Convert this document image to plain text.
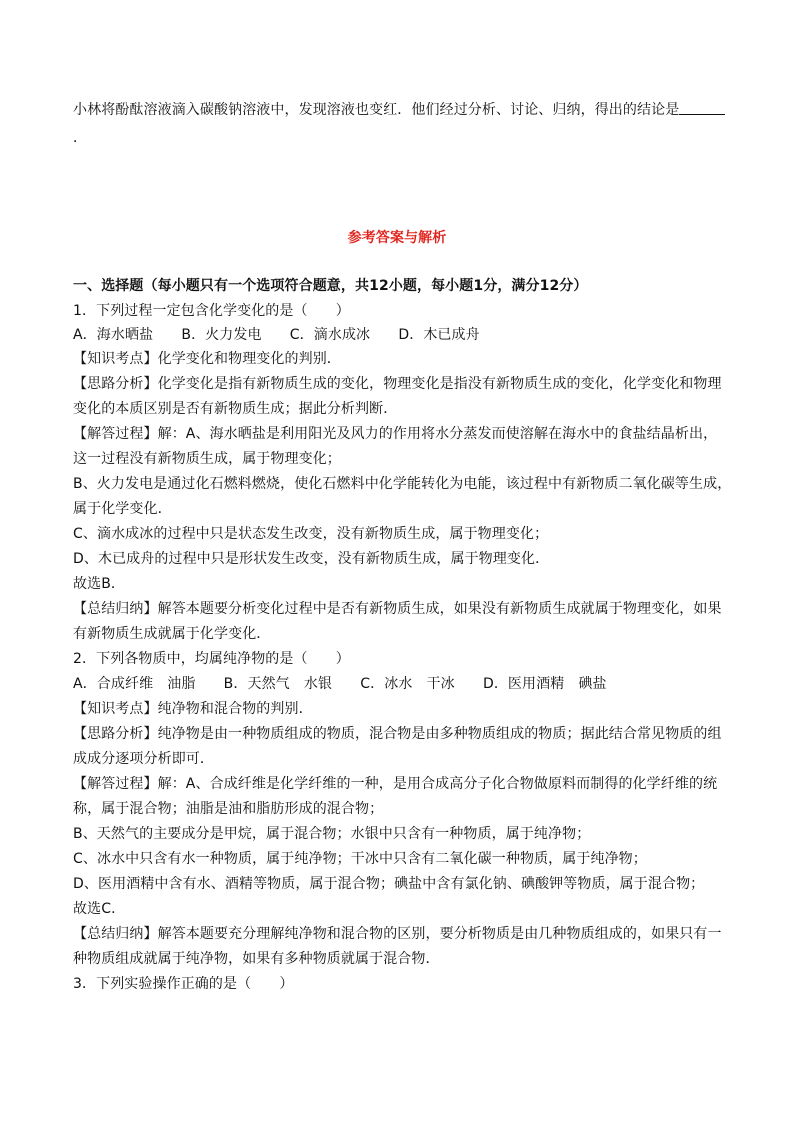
小林将酚酞溶液滴入碳酸钠溶液中，发现溶液也变红．他们经过分析、讨论、归纳，得出的结论是
．
参考答案与解析
一、选择题（每小题只有一个选项符合题意，共12小题，每小题1分，满分12分）
1．下列过程一定包含化学变化的是（　　）
A．海水晒盐　　B．火力发电　　C．滴水成冰　　D．木已成舟
【知识考点】化学变化和物理变化的判别．
【思路分析】化学变化是指有新物质生成的变化，物理变化是指没有新物质生成的变化，化学变化和物理
变化的本质区别是否有新物质生成；据此分析判断．
【解答过程】解：A、海水晒盐是利用阳光及风力的作用将水分蒸发而使溶解在海水中的食盐结晶析出，
这一过程没有新物质生成，属于物理变化；
B、火力发电是通过化石燃料燃烧，使化石燃料中化学能转化为电能，该过程中有新物质二氧化碳等生成，
属于化学变化．
C、滴水成冰的过程中只是状态发生改变，没有新物质生成，属于物理变化；
D、木已成舟的过程中只是形状发生改变，没有新物质生成，属于物理变化．
故选B．
【总结归纳】解答本题要分析变化过程中是否有新物质生成，如果没有新物质生成就属于物理变化，如果
有新物质生成就属于化学变化．
2．下列各物质中，均属纯净物的是（　　）
A．合成纤维　油脂　　B．天然气　水银　　C．冰水　干冰　　D．医用酒精　碘盐
【知识考点】纯净物和混合物的判别．
【思路分析】纯净物是由一种物质组成的物质，混合物是由多种物质组成的物质；据此结合常见物质的组
成成分逐项分析即可．
【解答过程】解：A、合成纤维是化学纤维的一种，是用合成高分子化合物做原料而制得的化学纤维的统
称，属于混合物；油脂是油和脂肪形成的混合物；
B、天然气的主要成分是甲烷，属于混合物；水银中只含有一种物质，属于纯净物；
C、冰水中只含有水一种物质，属于纯净物；干冰中只含有二氧化碳一种物质，属于纯净物；
D、医用酒精中含有水、酒精等物质，属于混合物；碘盐中含有氯化钠、碘酸钾等物质，属于混合物；
故选C．
【总结归纳】解答本题要充分理解纯净物和混合物的区别，要分析物质是由几种物质组成的，如果只有一
种物质组成就属于纯净物，如果有多种物质就属于混合物．
3．下列实验操作正确的是（　　）
